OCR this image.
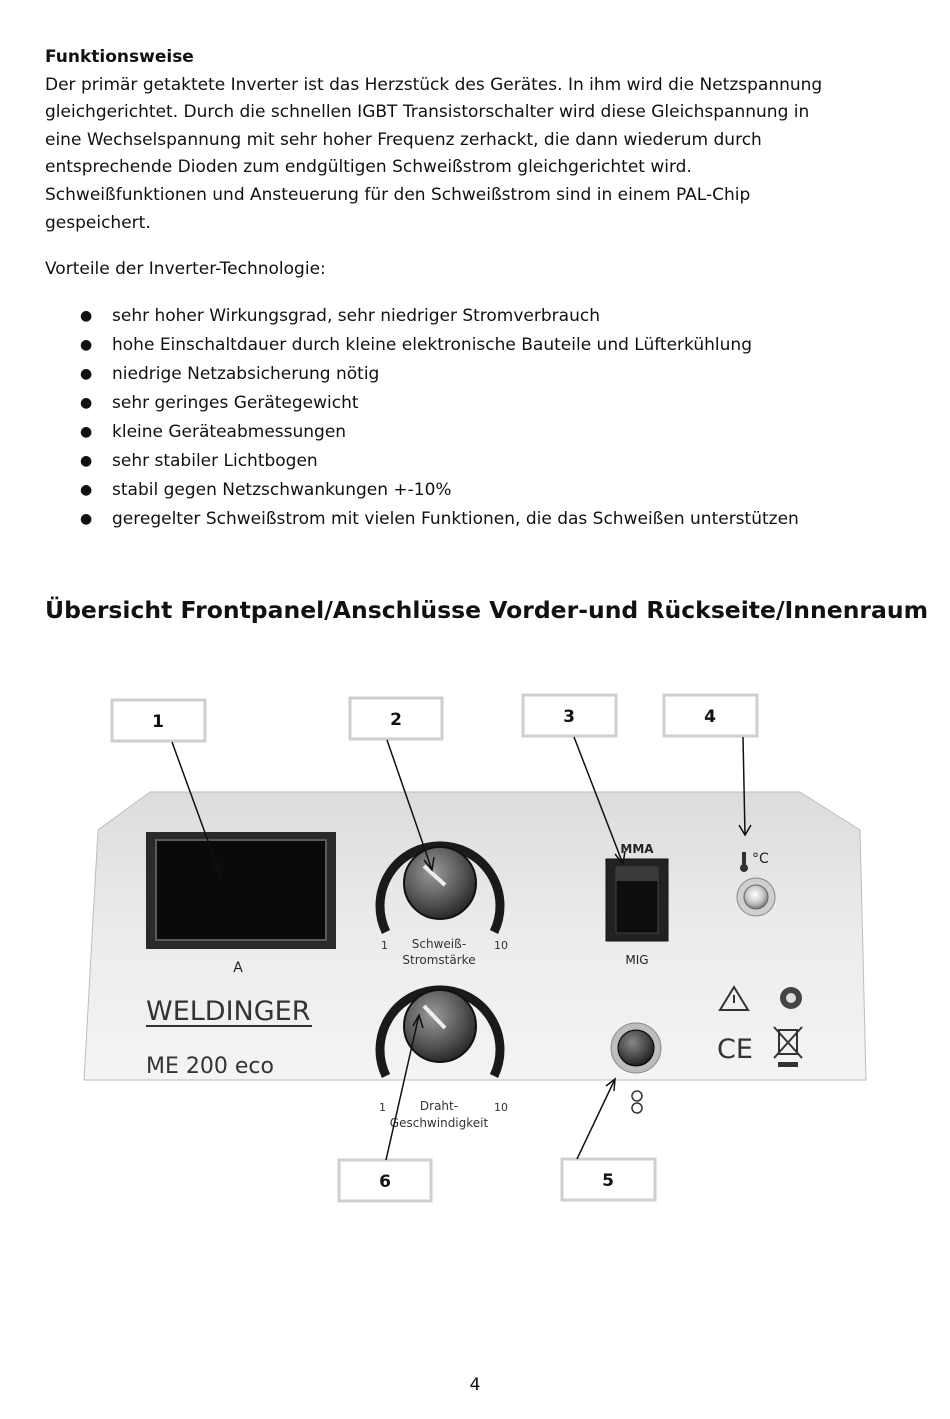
Funktionsweise
Der primär getaktete Inverter ist das Herzstück des Gerätes. In ihm wird die Netzspannung
gleichgerichtet. Durch die schnellen IGBT Transistorschalter wird diese Gleichspannung in
eine Wechselspannung mit sehr hoher Frequenz zerhackt, die dann wiederum durch
entsprechende Dioden zum endgültigen Schweißstrom gleichgerichtet wird.
Schweißfunktionen und Ansteuerung für den Schweißstrom sind in einem PAL-Chip
gespeichert.
Vorteile der Inverter-Technologie:
● sehr hoher Wirkungsgrad, sehr niedriger Stromverbrauch
● hohe Einschaltdauer durch kleine elektronische Bauteile und Lüfterkühlung
● niedrige Netzabsicherung nötig
● sehr geringes Gerätegewicht
● kleine Geräteabmessungen
● sehr stabiler Lichtbogen
● stabil gegen Netzschwankungen +-10%
● geregelter Schweißstrom mit vielen Funktionen, die das Schweißen unterstützen
Übersicht Frontpanel/Anschlüsse Vorder-und Rückseite/Innenraum
A
1	10
Schweiß-
Stromstärke
1	10
Draht-
Geschwindigkeit
WELDINGER
ME 200 eco
MMA
MIG
°C
CE
1	2	3	4
6	5
4
